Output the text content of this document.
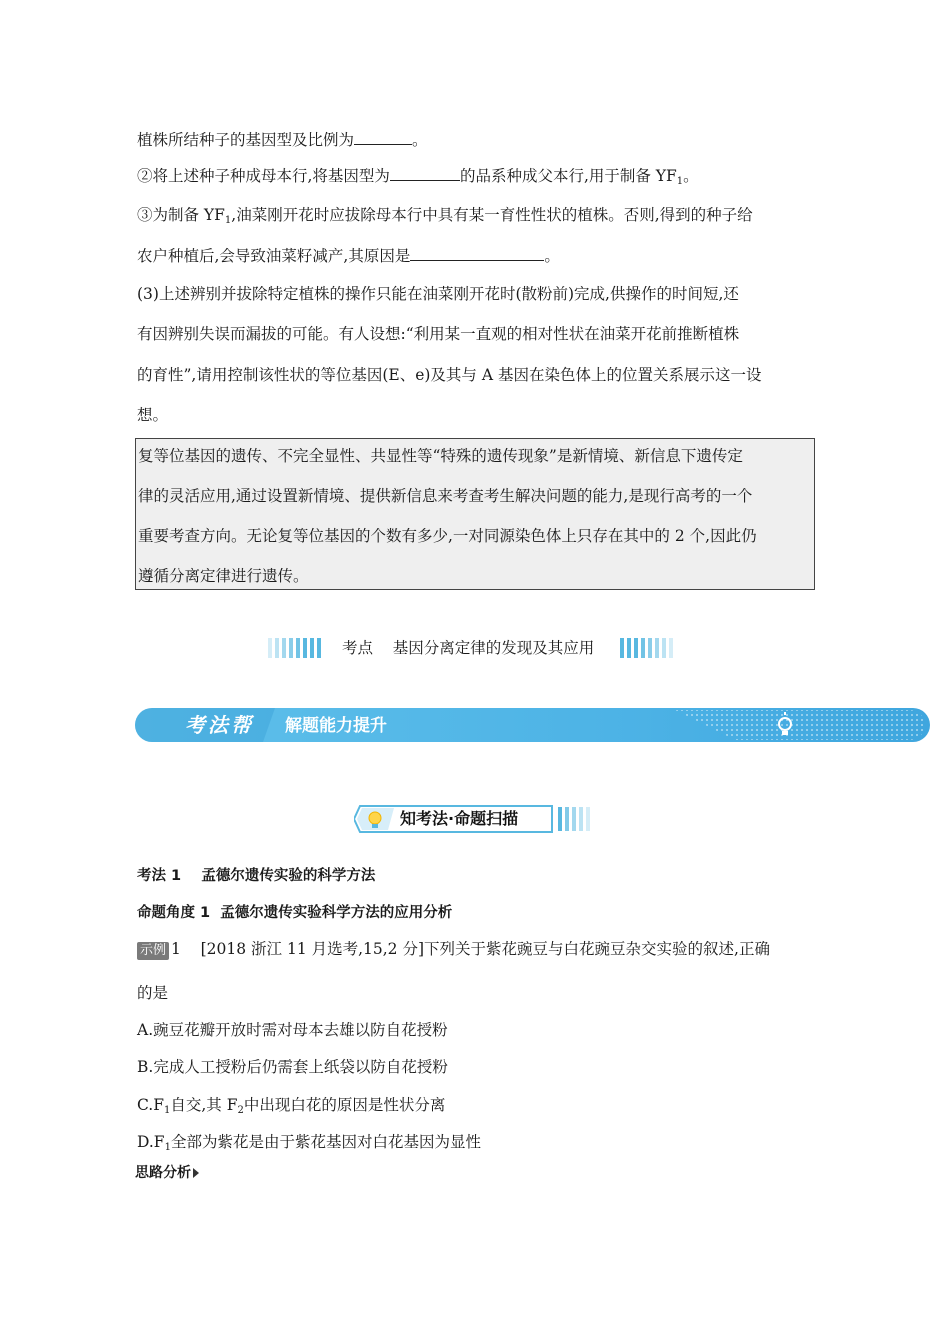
植株所结种子的基因型及比例为	。
②将上述种子种成母本行,将基因型为	的品系种成父本行,用于制备 YF1。
③为制备 YF1,油菜刚开花时应拔除母本行中具有某一育性性状的植株。否则,得到的种子给
农户种植后,会导致油菜籽减产,其原因是	。
(3)上述辨别并拔除特定植株的操作只能在油菜刚开花时(散粉前)完成,供操作的时间短,还
有因辨别失误而漏拔的可能。有人设想:“利用某一直观的相对性状在油菜开花前推断植株
的育性”,请用控制该性状的等位基因(E、e)及其与 A 基因在染色体上的位置关系展示这一设
想。
复等位基因的遗传、不完全显性、共显性等“特殊的遗传现象”是新情境、新信息下遗传定
律的灵活应用,通过设置新情境、提供新信息来考查考生解决问题的能力,是现行高考的一个
重要考查方向。无论复等位基因的个数有多少,一对同源染色体上只存在其中的 2 个,因此仍
遵循分离定律进行遗传。
考点 基因分离定律的发现及其应用
考法帮 解题能力提升
知考法·命题扫描
考法 1 孟德尔遗传实验的科学方法
命题角度 1 孟德尔遗传实验科学方法的应用分析
示例 1 [2018 浙江 11 月选考,15,2 分]下列关于紫花豌豆与白花豌豆杂交实验的叙述,正确
的是
A.豌豆花瓣开放时需对母本去雄以防自花授粉
B.完成人工授粉后仍需套上纸袋以防自花授粉
C.F1自交,其 F2中出现白花的原因是性状分离
D.F1全部为紫花是由于紫花基因对白花基因为显性
思路分析
